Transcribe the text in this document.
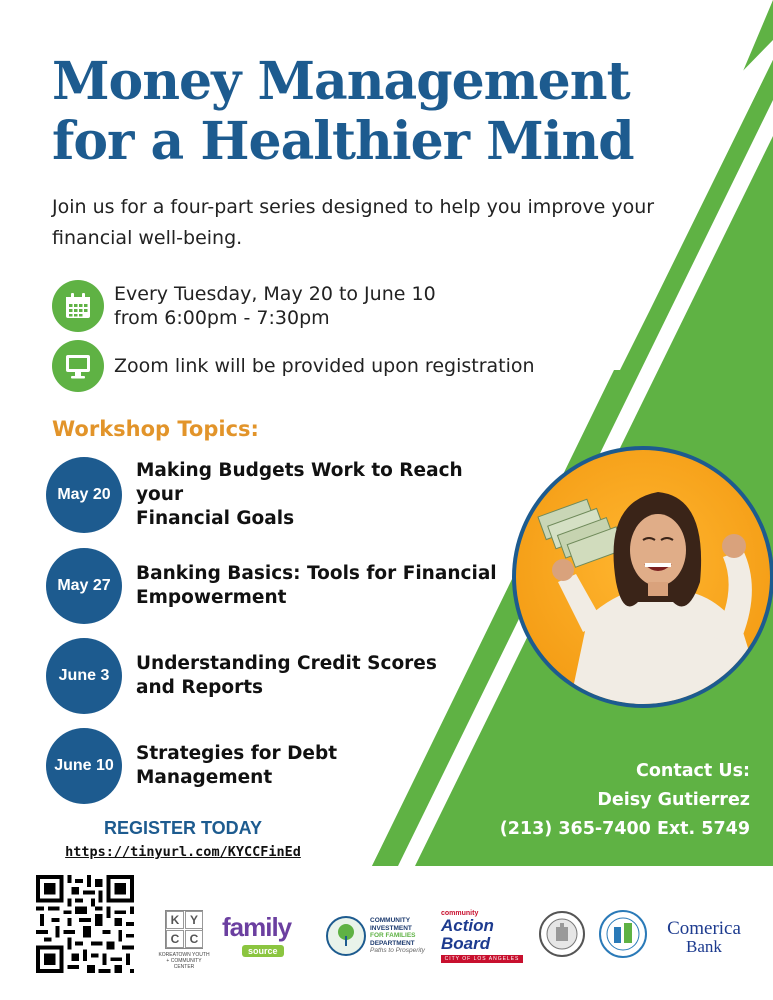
Money Management
for a Healthier Mind
Join us for a four-part series designed to help you improve your financial well-being.
Every Tuesday, May 20 to June 10
from 6:00pm - 7:30pm
Zoom link will be provided upon registration
Workshop Topics:
May 20
Making Budgets Work to Reach your
Financial Goals
May 27
Banking Basics: Tools for Financial
Empowerment
June 3
Understanding Credit Scores
and Reports
June 10
Strategies for Debt
Management	Contact Us:
Deisy Gutierrez
(213) 365-7400 Ext. 5749
REGISTER TODAY
https://tinyurl.com/KYCCFinEd
K Y
C C
KOREATOWN YOUTH + COMMUNITY CENTER
family
source
COMMUNITY
INVESTMENT
FOR FAMILIES
DEPARTMENT
Paths to Prosperity
community
Action Board
CITY OF LOS ANGELES
Comerica
Bank
